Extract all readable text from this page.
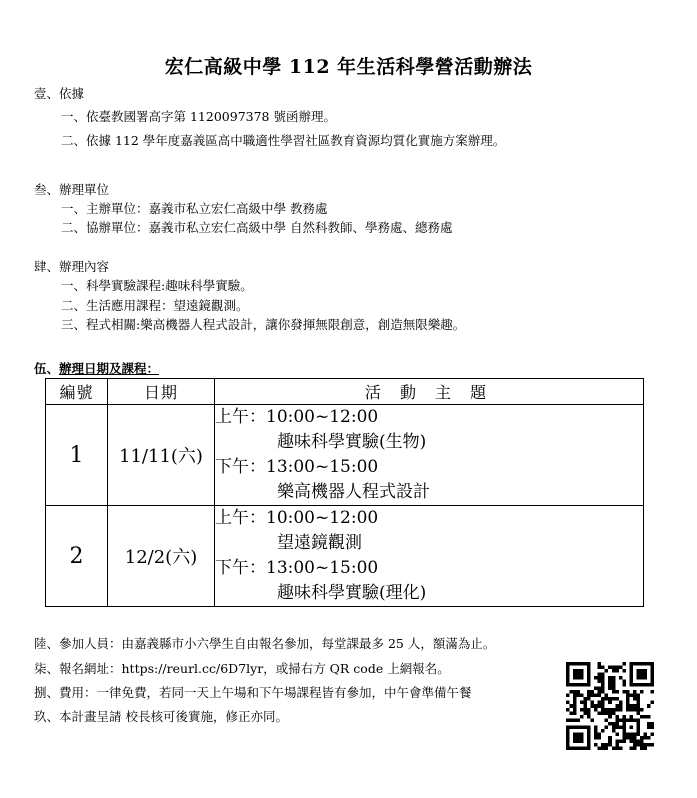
宏仁高級中學 112 年生活科學營活動辦法
壹、依據
一、依臺教國署高字第 1120097378 號函辦理。
二、依據 112 學年度嘉義區高中職適性學習社區教育資源均質化實施方案辦理。
叁、辦理單位
一、主辦單位：嘉義市私立宏仁高級中學 教務處
二、協辦單位：嘉義市私立宏仁高級中學 自然科教師、學務處、總務處
肆、辦理內容
一、科學實驗課程:趣味科學實驗。
二、生活應用課程：望遠鏡觀測。
三、程式相關:樂高機器人程式設計，讓你發揮無限創意，創造無限樂趣。
伍、辦理日期及課程：
編號	日期	活 動 主 題
1	11/11(六)	上午：10:00~12:00
趣味科學實驗(生物)
下午：13:00~15:00
樂高機器人程式設計

2	12/2(六)	上午：10:00~12:00
望遠鏡觀測
下午：13:00~15:00
趣味科學實驗(理化)
陸、參加人員：由嘉義縣市小六學生自由報名參加，每堂課最多 25 人，額滿為止。
柒、報名網址：https://reurl.cc/6D7lyr，或掃右方 QR code 上網報名。
捌、費用：一律免費，若同一天上午場和下午場課程皆有參加，中午會準備午餐
玖、本計畫呈請 校長核可後實施，修正亦同。
